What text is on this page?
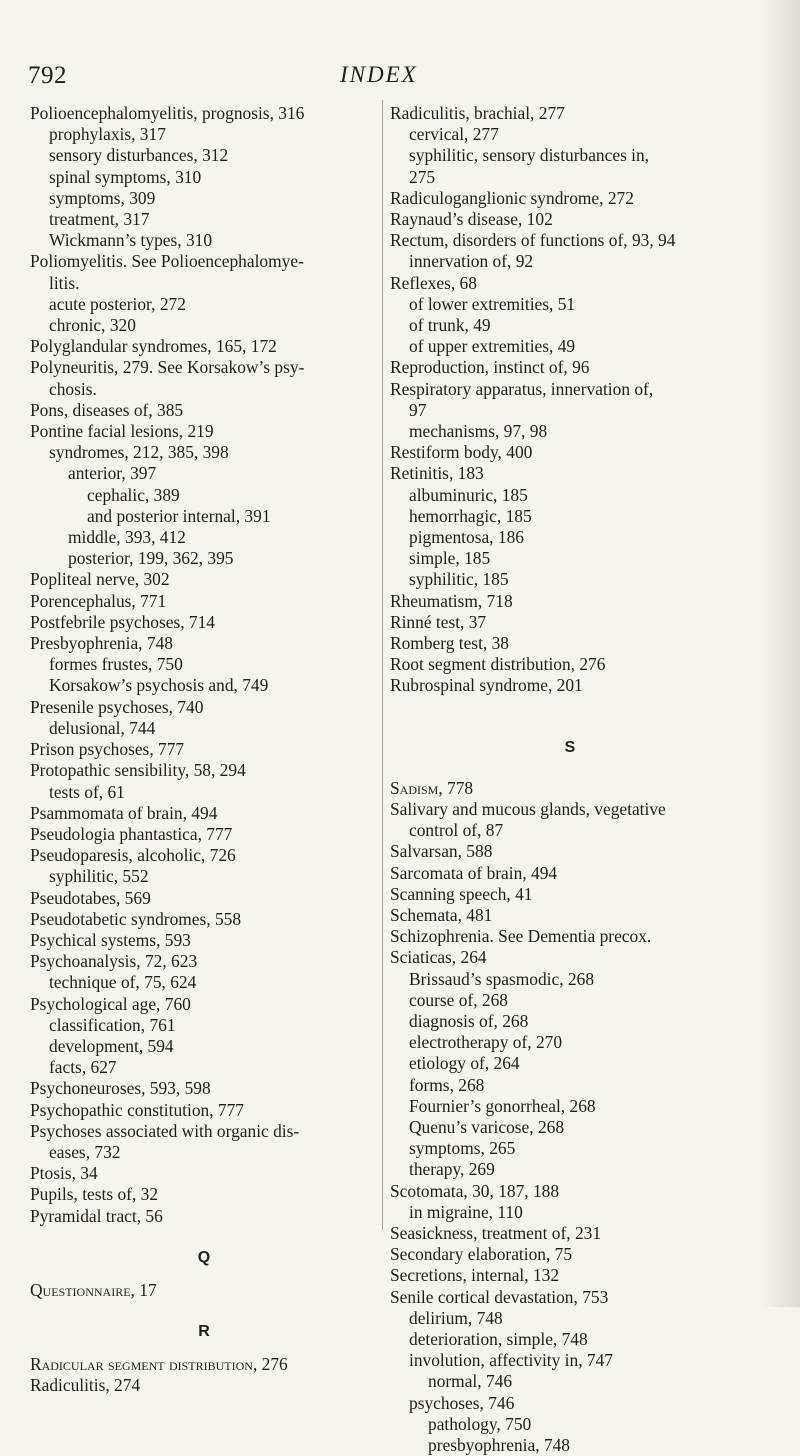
792	INDEX
Polioencephalomyelitis, prognosis, 316
prophylaxis, 317
sensory disturbances, 312
spinal symptoms, 310
symptoms, 309
treatment, 317
Wickmann’s types, 310
Poliomyelitis. See Polioencephalomye-
litis.
acute posterior, 272
chronic, 320
Polyglandular syndromes, 165, 172
Polyneuritis, 279. See Korsakow’s psy-
chosis.
Pons, diseases of, 385
Pontine facial lesions, 219
syndromes, 212, 385, 398
anterior, 397
cephalic, 389
and posterior internal, 391
middle, 393, 412
posterior, 199, 362, 395
Popliteal nerve, 302
Porencephalus, 771
Postfebrile psychoses, 714
Presbyophrenia, 748
formes frustes, 750
Korsakow’s psychosis and, 749
Presenile psychoses, 740
delusional, 744
Prison psychoses, 777
Protopathic sensibility, 58, 294
tests of, 61
Psammomata of brain, 494
Pseudologia phantastica, 777
Pseudoparesis, alcoholic, 726
syphilitic, 552
Pseudotabes, 569
Pseudotabetic syndromes, 558
Psychical systems, 593
Psychoanalysis, 72, 623
technique of, 75, 624
Psychological age, 760
classification, 761
development, 594
facts, 627
Psychoneuroses, 593, 598
Psychopathic constitution, 777
Psychoses associated with organic dis-
eases, 732
Ptosis, 34
Pupils, tests of, 32
Pyramidal tract, 56
Q
Questionnaire, 17
R
Radicular segment distribution, 276
Radiculitis, 274
Radiculitis, brachial, 277
cervical, 277
syphilitic, sensory disturbances in,
275
Radiculoganglionic syndrome, 272
Raynaud’s disease, 102
Rectum, disorders of functions of, 93, 94
innervation of, 92
Reflexes, 68
of lower extremities, 51
of trunk, 49
of upper extremities, 49
Reproduction, instinct of, 96
Respiratory apparatus, innervation of,
97
mechanisms, 97, 98
Restiform body, 400
Retinitis, 183
albuminuric, 185
hemorrhagic, 185
pigmentosa, 186
simple, 185
syphilitic, 185
Rheumatism, 718
Rinné test, 37
Romberg test, 38
Root segment distribution, 276
Rubrospinal syndrome, 201
S
Sadism, 778
Salivary and mucous glands, vegetative
control of, 87
Salvarsan, 588
Sarcomata of brain, 494
Scanning speech, 41
Schemata, 481
Schizophrenia. See Dementia precox.
Sciaticas, 264
Brissaud’s spasmodic, 268
course of, 268
diagnosis of, 268
electrotherapy of, 270
etiology of, 264
forms, 268
Fournier’s gonorrheal, 268
Quenu’s varicose, 268
symptoms, 265
therapy, 269
Scotomata, 30, 187, 188
in migraine, 110
Seasickness, treatment of, 231
Secondary elaboration, 75
Secretions, internal, 132
Senile cortical devastation, 753
delirium, 748
deterioration, simple, 748
involution, affectivity in, 747
normal, 746
psychoses, 746
pathology, 750
presbyophrenia, 748
